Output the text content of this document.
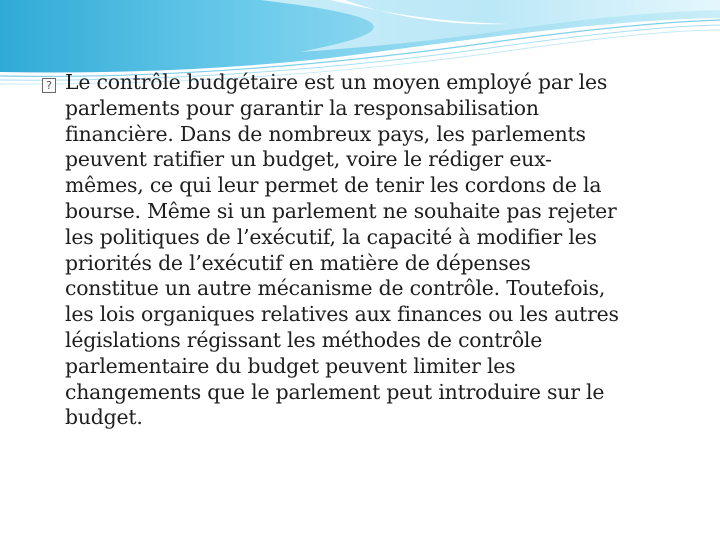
?

Le contrôle budgétaire est un moyen employé par les
parlements pour garantir la responsabilisation
financière. Dans de nombreux pays, les parlements
peuvent ratifier un budget, voire le rédiger eux-
mêmes, ce qui leur permet de tenir les cordons de la
bourse. Même si un parlement ne souhaite pas rejeter
les politiques de l’exécutif, la capacité à modifier les
priorités de l’exécutif en matière de dépenses
constitue un autre mécanisme de contrôle. Toutefois,
les lois organiques relatives aux finances ou les autres
législations régissant les méthodes de contrôle
parlementaire du budget peuvent limiter les
changements que le parlement peut introduire sur le
budget.
